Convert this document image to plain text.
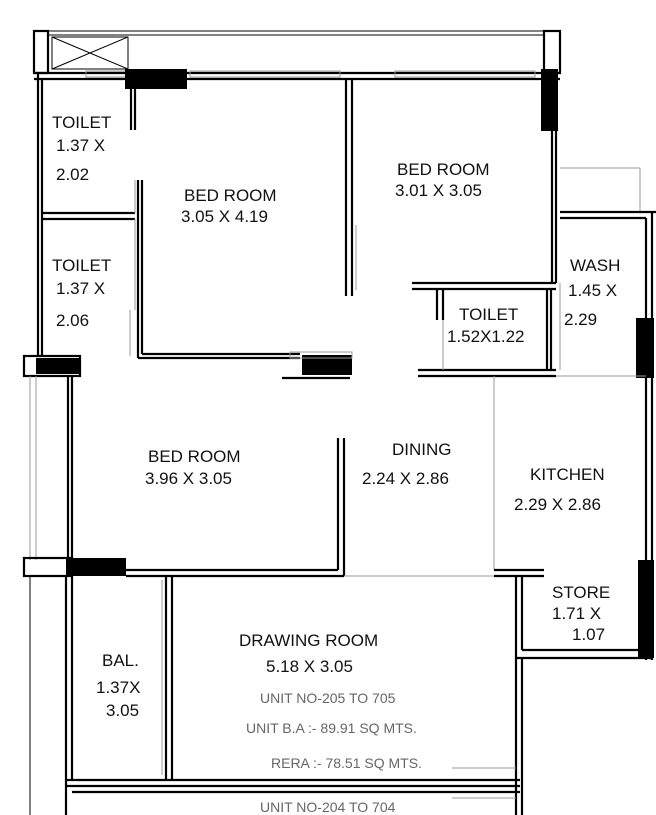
TOILET
1.37 X
2.02
TOILET
1.37 X
2.06
BED ROOM
3.05 X 4.19
BED ROOM
3.01 X 3.05
WASH
1.45 X
2.29
TOILET
1.52X1.22
BED ROOM
3.96 X 3.05
DINING
2.24 X 2.86	KITCHEN
2.29 X 2.86
STORE
1.71 X
1.07
BAL.
1.37X
3.05
DRAWING ROOM
5.18 X 3.05
UNIT NO-205 TO 705
UNIT B.A :- 89.91 SQ MTS.
RERA :- 78.51 SQ MTS.
UNIT NO-204 TO 704
